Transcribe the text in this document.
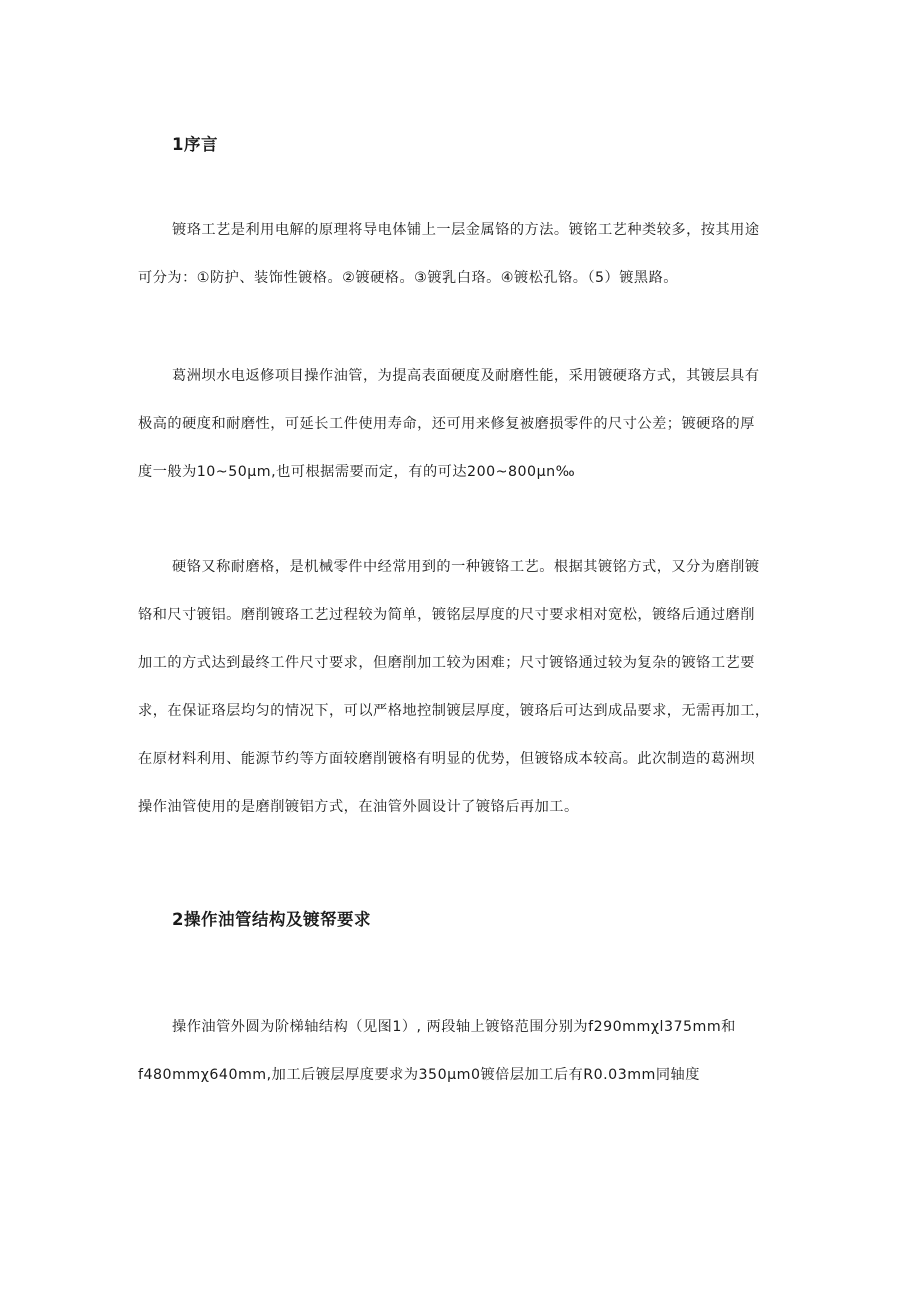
1序言
镀珞工艺是利用电解的原理将导电体铺上一层金属铬的方法。镀铭工艺种类较多，按其用途
可分为：①防护、装饰性镀格。②镀硬格。③镀乳白珞。④镀松孔铬。（5）镀黑路。
葛洲坝水电返修项目操作油管，为提高表面硬度及耐磨性能，采用镀硬珞方式，其镀层具有
极高的硬度和耐磨性，可延长工件使用寿命，还可用来修复被磨损零件的尺寸公差；镀硬珞的厚
度一般为10~50μm,也可根据需要而定，有的可达200~800μn‰
硬铬又称耐磨格，是机械零件中经常用到的一种镀铬工艺。根据其镀铭方式，又分为磨削镀
铬和尺寸镀铝。磨削镀珞工艺过程较为简单，镀铭层厚度的尺寸要求相对宽松，镀络后通过磨削
加工的方式达到最终工件尺寸要求，但磨削加工较为困难；尺寸镀铬通过较为复杂的镀铬工艺要
求，在保证珞层均匀的情况下，可以严格地控制镀层厚度，镀珞后可达到成品要求，无需再加工，
在原材料利用、能源节约等方面较磨削镀格有明显的优势，但镀铬成本较高。此次制造的葛洲坝
操作油管使用的是磨削镀铝方式，在油管外圆设计了镀铬后再加工。
2操作油管结构及镀帑要求
操作油管外圆为阶梯轴结构（见图1）, 两段轴上镀铬范围分别为f290mmχl375mm和
f480mmχ640mm,加工后镀层厚度要求为350μm0镀倍层加工后有R0.03mm同轴度
